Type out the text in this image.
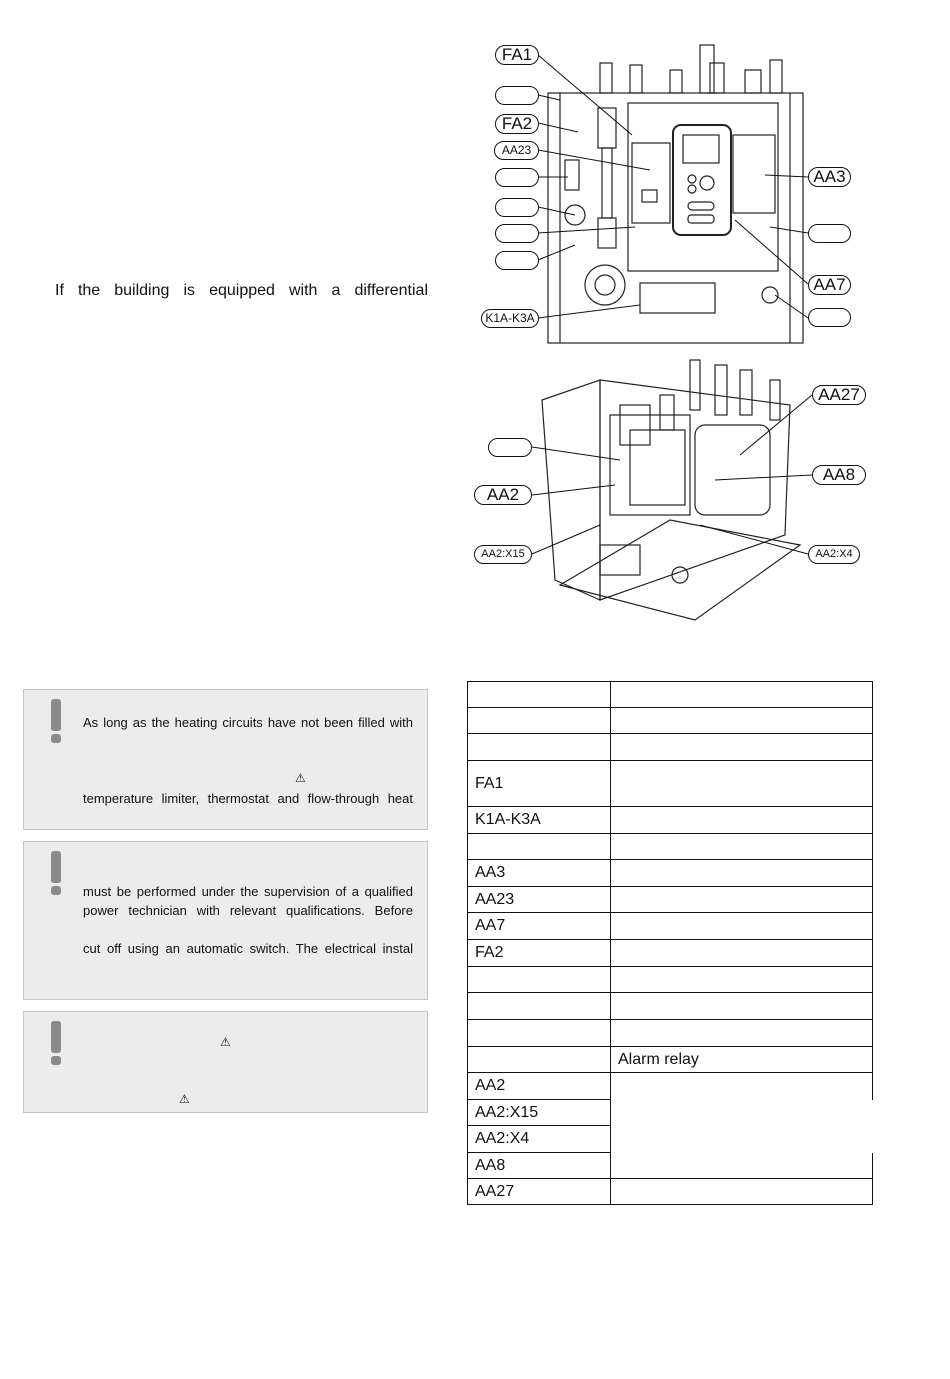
If the building is equipped with a differential
FA1
FA2
AA23
K1A-K3A
AA3
AA7
AA27
AA2
AA8
AA2:X15	AA2:X4
As long as the heating circuits have not been filled with
⚠
temperature limiter, thermostat and flow-through heat
must be performed under the supervision of a qualified
power technician with relevant qualifications. Before
cut off using an automatic switch. The electrical instal
⚠
⚠

FA1	
K1A-K3A	

AA3	
AA23	
AA7	
FA2	

	Alarm relay
AA2	
AA2:X15	
AA2:X4	
AA8	
AA27	
